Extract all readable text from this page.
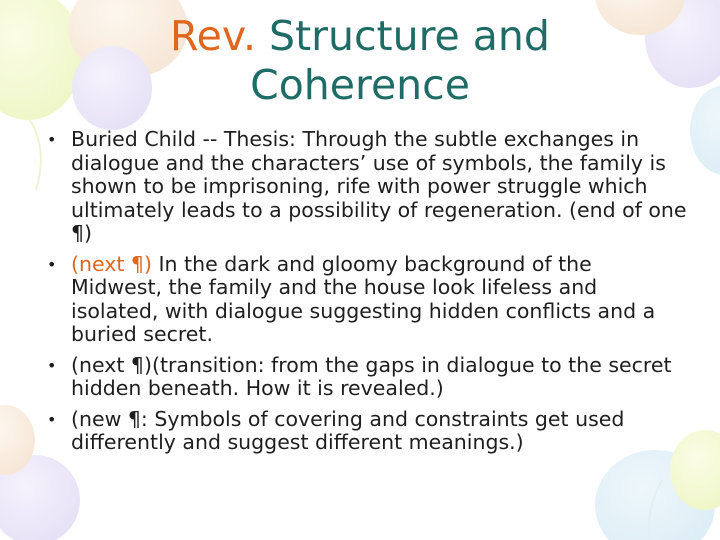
Rev. Structure and Coherence
• Buried Child -- Thesis: Through the subtle exchanges in dialogue and the characters’ use of symbols, the family is shown to be imprisoning, rife with power struggle which ultimately leads to a possibility of regeneration. (end of one ¶)
• (next ¶) In the dark and gloomy background of the Midwest, the family and the house look lifeless and isolated, with dialogue suggesting hidden conflicts and a buried secret.
• (next ¶)(transition: from the gaps in dialogue to the secret hidden beneath. How it is revealed.)
• (new ¶: Symbols of covering and constraints get used differently and suggest different meanings.)
